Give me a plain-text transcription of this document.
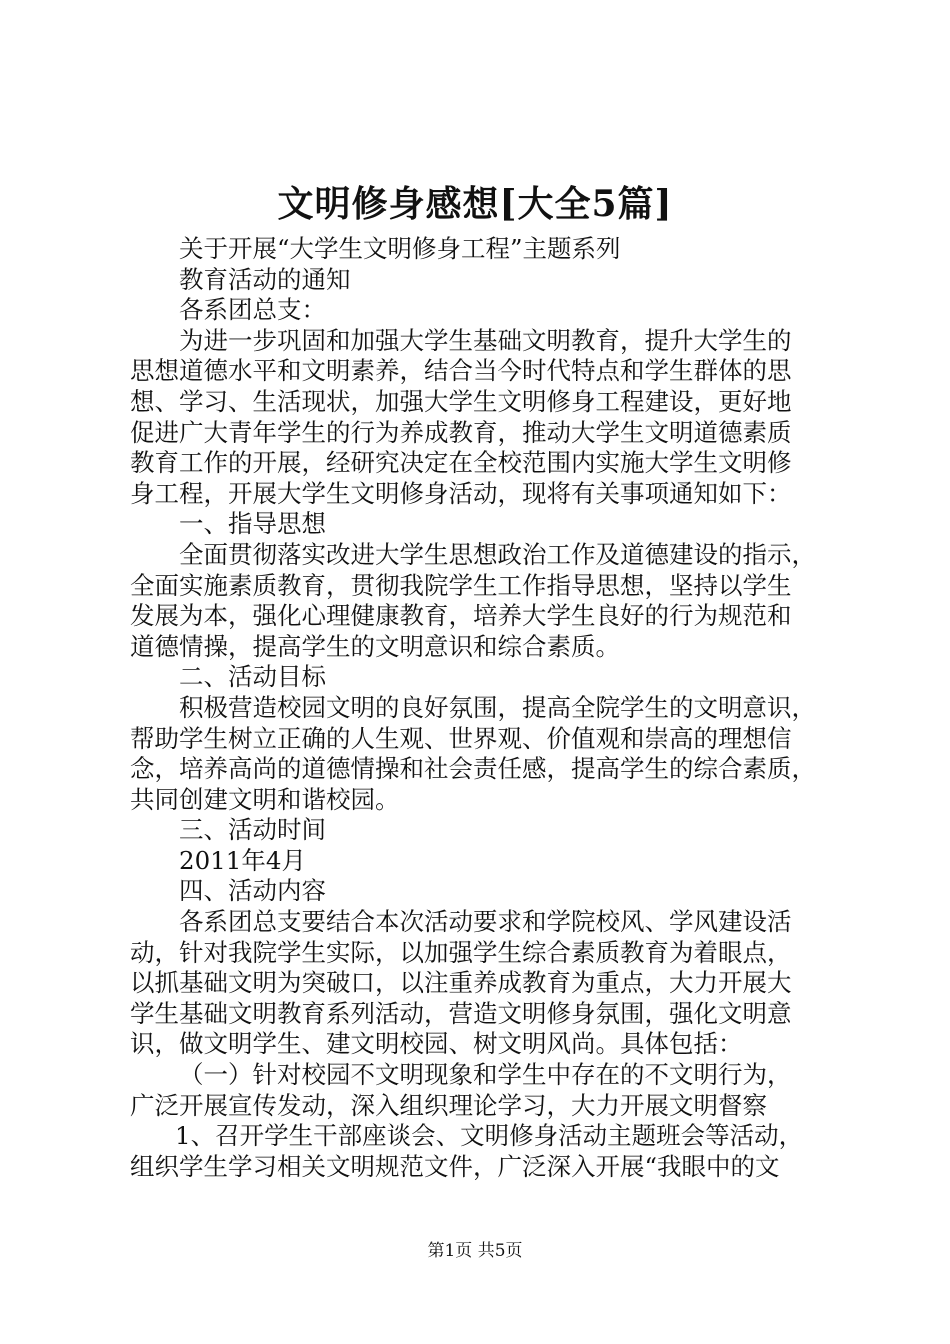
文明修身感想[大全5篇]
关于开展“大学生文明修身工程”主题系列
教育活动的通知
各系团总支：
为进一步巩固和加强大学生基础文明教育，提升大学生的
思想道德水平和文明素养，结合当今时代特点和学生群体的思
想、学习、生活现状，加强大学生文明修身工程建设，更好地
促进广大青年学生的行为养成教育，推动大学生文明道德素质
教育工作的开展，经研究决定在全校范围内实施大学生文明修
身工程，开展大学生文明修身活动，现将有关事项通知如下：
一、指导思想
全面贯彻落实改进大学生思想政治工作及道德建设的指示，
全面实施素质教育，贯彻我院学生工作指导思想，坚持以学生
发展为本，强化心理健康教育，培养大学生良好的行为规范和
道德情操，提高学生的文明意识和综合素质。
二、活动目标
积极营造校园文明的良好氛围，提高全院学生的文明意识，
帮助学生树立正确的人生观、世界观、价值观和崇高的理想信
念，培养高尚的道德情操和社会责任感，提高学生的综合素质，
共同创建文明和谐校园。
三、活动时间
2011年4月
四、活动内容
各系团总支要结合本次活动要求和学院校风、学风建设活
动，针对我院学生实际，以加强学生综合素质教育为着眼点，
以抓基础文明为突破口，以注重养成教育为重点，大力开展大
学生基础文明教育系列活动，营造文明修身氛围，强化文明意
识，做文明学生、建文明校园、树文明风尚。具体包括：
（一）针对校园不文明现象和学生中存在的不文明行为，
广泛开展宣传发动，深入组织理论学习，大力开展文明督察
1、召开学生干部座谈会、文明修身活动主题班会等活动，
组织学生学习相关文明规范文件，广泛深入开展“我眼中的文
第1页 共5页
